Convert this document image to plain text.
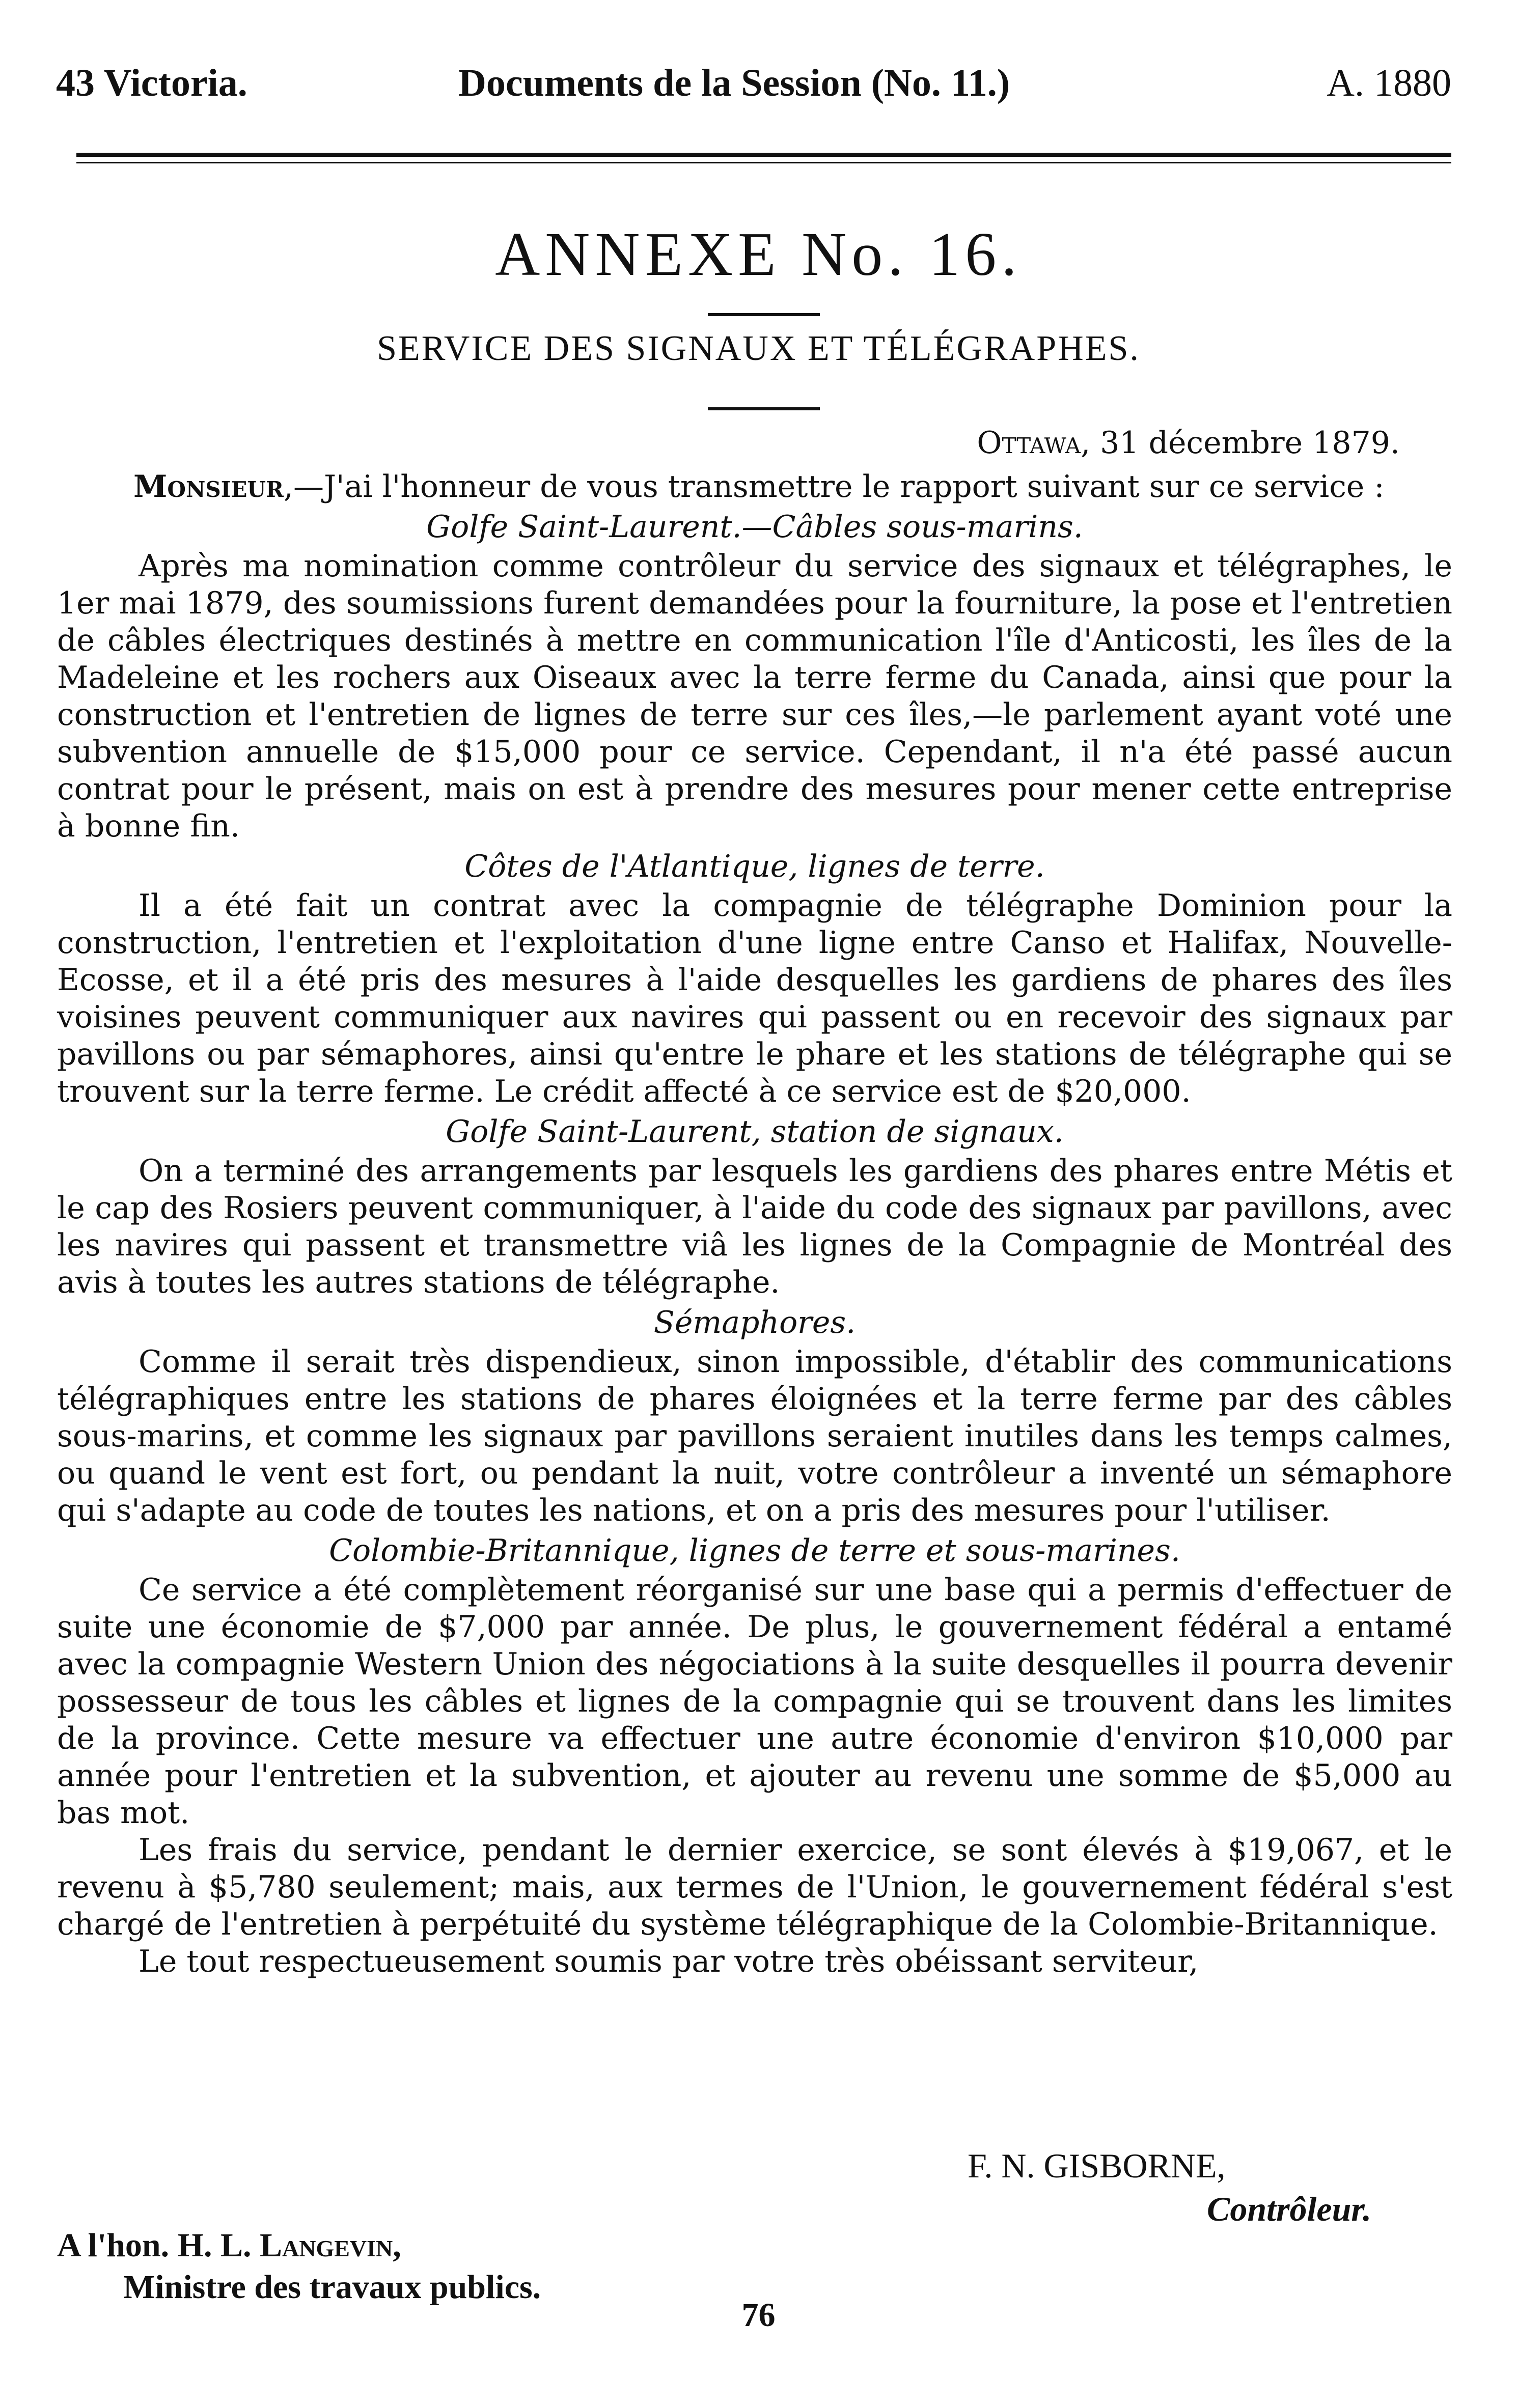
43 Victoria.	Documents de la Session (No. 11.)	A. 1880
ANNEXE No. 16.
SERVICE DES SIGNAUX ET TÉLÉGRAPHES.
Ottawa, 31 décembre 1879.

Monsieur,—J'ai l'honneur de vous transmettre le rapport suivant sur ce service :

Golfe Saint-Laurent.—Câbles sous-marins.

Après ma nomination comme contrôleur du service des signaux et télégraphes, le 1er mai 1879, des soumissions furent demandées pour la fourniture, la pose et l'entretien de câbles électriques destinés à mettre en communication l'île d'Anticosti, les îles de la Madeleine et les rochers aux Oiseaux avec la terre ferme du Canada, ainsi que pour la construction et l'entretien de lignes de terre sur ces îles,—le parlement ayant voté une subvention annuelle de $15,000 pour ce service. Cependant, il n'a été passé aucun contrat pour le présent, mais on est à prendre des mesures pour mener cette entreprise à bonne fin.

Côtes de l'Atlantique, lignes de terre.

Il a été fait un contrat avec la compagnie de télégraphe Dominion pour la construction, l'entretien et l'exploitation d'une ligne entre Canso et Halifax, Nouvelle-Ecosse, et il a été pris des mesures à l'aide desquelles les gardiens de phares des îles voisines peuvent communiquer aux navires qui passent ou en recevoir des signaux par pavillons ou par sémaphores, ainsi qu'entre le phare et les stations de télégraphe qui se trouvent sur la terre ferme. Le crédit affecté à ce service est de $20,000.

Golfe Saint-Laurent, station de signaux.

On a terminé des arrangements par lesquels les gardiens des phares entre Métis et le cap des Rosiers peuvent communiquer, à l'aide du code des signaux par pavillons, avec les navires qui passent et transmettre viâ les lignes de la Compagnie de Montréal des avis à toutes les autres stations de télégraphe.

Sémaphores.

Comme il serait très dispendieux, sinon impossible, d'établir des communications télégraphiques entre les stations de phares éloignées et la terre ferme par des câbles sous-marins, et comme les signaux par pavillons seraient inutiles dans les temps calmes, ou quand le vent est fort, ou pendant la nuit, votre contrôleur a inventé un sémaphore qui s'adapte au code de toutes les nations, et on a pris des mesures pour l'utiliser.

Colombie-Britannique, lignes de terre et sous-marines.

Ce service a été complètement réorganisé sur une base qui a permis d'effectuer de suite une économie de $7,000 par année. De plus, le gouvernement fédéral a entamé avec la compagnie Western Union des négociations à la suite desquelles il pourra devenir possesseur de tous les câbles et lignes de la compagnie qui se trouvent dans les limites de la province. Cette mesure va effectuer une autre économie d'environ $10,000 par année pour l'entretien et la subvention, et ajouter au revenu une somme de $5,000 au bas mot.

Les frais du service, pendant le dernier exercice, se sont élevés à $19,067, et le revenu à $5,780 seulement; mais, aux termes de l'Union, le gouvernement fédéral s'est chargé de l'entretien à perpétuité du système télégraphique de la Colombie-Britannique.

Le tout respectueusement soumis par votre très obéissant serviteur,

F. N. GISBORNE,
Contrôleur.
A l'hon. H. L. Langevin,
Ministre des travaux publics.
76
